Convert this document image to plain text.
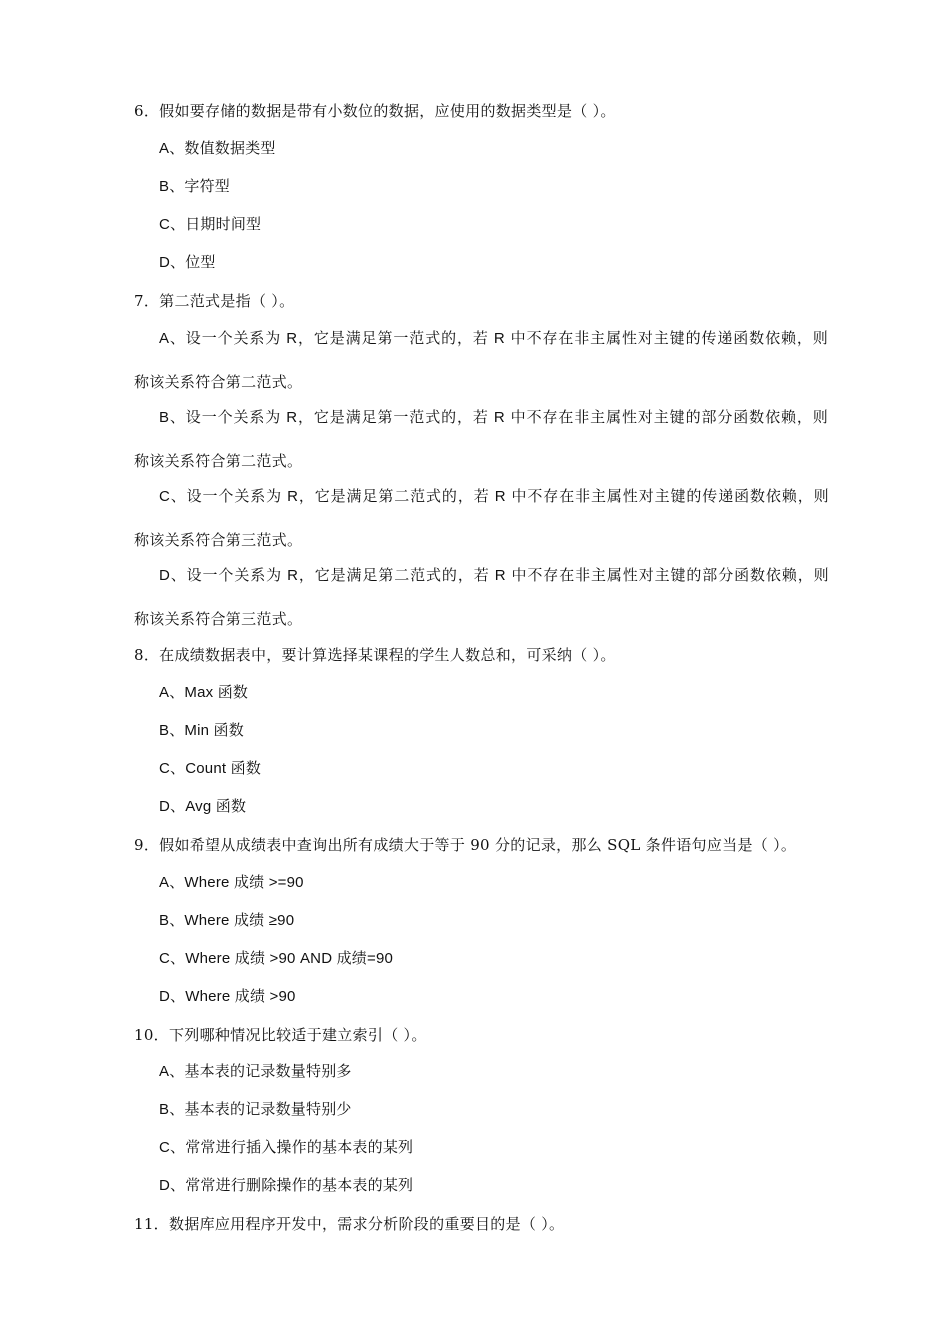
6．假如要存储的数据是带有小数位的数据，应使用的数据类型是（ ）。
A、数值数据类型
B、字符型
C、日期时间型
D、位型
7．第二范式是指（ ）。
A、设一个关系为 R，它是满足第一范式的，若 R 中不存在非主属性对主键的传递函数依赖，则
称该关系符合第二范式。
B、设一个关系为 R，它是满足第一范式的，若 R 中不存在非主属性对主键的部分函数依赖，则
称该关系符合第二范式。
C、设一个关系为 R，它是满足第二范式的，若 R 中不存在非主属性对主键的传递函数依赖，则
称该关系符合第三范式。
D、设一个关系为 R，它是满足第二范式的，若 R 中不存在非主属性对主键的部分函数依赖，则
称该关系符合第三范式。
8．在成绩数据表中，要计算选择某课程的学生人数总和，可采纳（ ）。
A、Max 函数
B、Min 函数
C、Count 函数
D、Avg 函数
9．假如希望从成绩表中查询出所有成绩大于等于 90 分的记录，那么 SQL 条件语句应当是（ ）。
A、Where 成绩 >=90
B、Where 成绩 ≥90
C、Where 成绩 >90 AND 成绩=90
D、Where 成绩 >90
10．下列哪种情况比较适于建立索引（ ）。
A、基本表的记录数量特别多
B、基本表的记录数量特别少
C、常常进行插入操作的基本表的某列
D、常常进行删除操作的基本表的某列
11．数据库应用程序开发中，需求分析阶段的重要目的是（ ）。
